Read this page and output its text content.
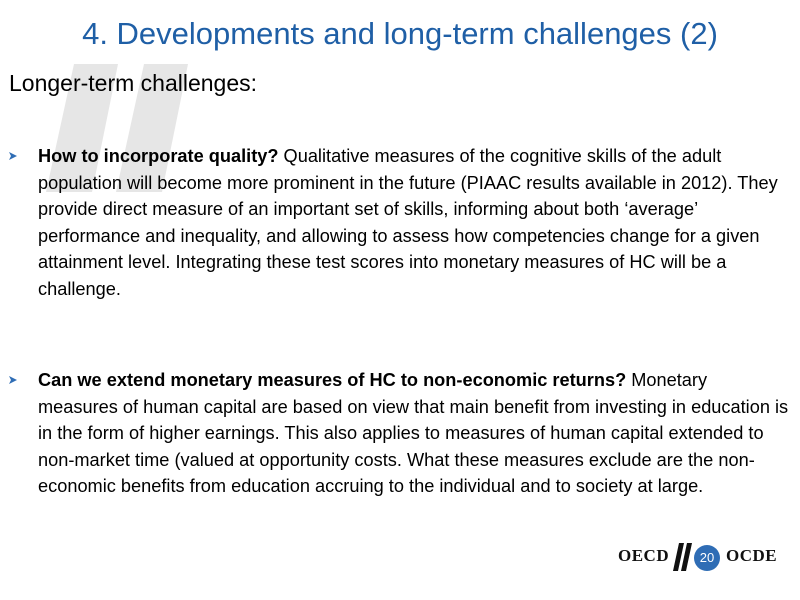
4. Developments and long-term challenges (2)
Longer-term challenges:
How to incorporate quality? Qualitative measures of the cognitive skills of the adult population will become more prominent in the future (PIAAC results available in 2012). They provide direct measure of an important set of skills, informing about both ‘average’ performance and inequality, and allowing to assess how competencies change for a given attainment level. Integrating these test scores into monetary measures of HC will be a challenge.
Can we extend monetary measures of HC to non-economic returns? Monetary measures of human capital are based on view that main benefit from investing in education is in the form of higher earnings. This also applies to measures of human capital extended to non-market time (valued at opportunity costs. What these measures exclude are the non-economic benefits from education accruing to the individual and to society at large.
OECD	20 OCDE
